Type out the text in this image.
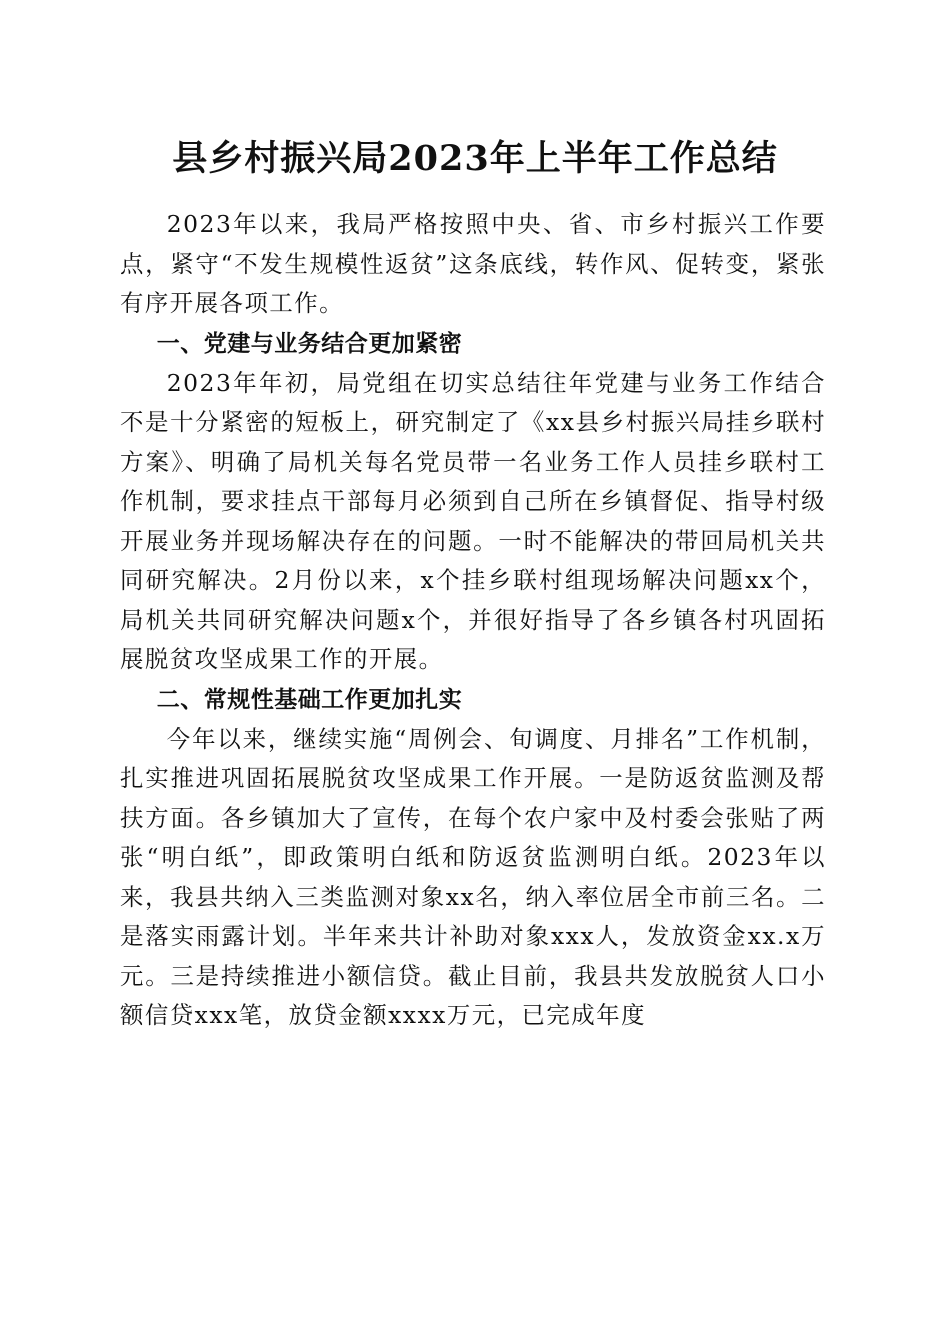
县乡村振兴局2023年上半年工作总结

2023年以来，我局严格按照中央、省、市乡村振兴工作要点，紧守“不发生规模性返贫”这条底线，转作风、促转变，紧张有序开展各项工作。

一、党建与业务结合更加紧密

2023年年初，局党组在切实总结往年党建与业务工作结合不是十分紧密的短板上，研究制定了《xx县乡村振兴局挂乡联村方案》、明确了局机关每名党员带一名业务工作人员挂乡联村工作机制，要求挂点干部每月必须到自己所在乡镇督促、指导村级开展业务并现场解决存在的问题。一时不能解决的带回局机关共同研究解决。2月份以来，x个挂乡联村组现场解决问题xx个，局机关共同研究解决问题x个，并很好指导了各乡镇各村巩固拓展脱贫攻坚成果工作的开展。

二、常规性基础工作更加扎实

今年以来，继续实施“周例会、旬调度、月排名”工作机制，扎实推进巩固拓展脱贫攻坚成果工作开展。一是防返贫监测及帮扶方面。各乡镇加大了宣传，在每个农户家中及村委会张贴了两张“明白纸”，即政策明白纸和防返贫监测明白纸。2023年以来，我县共纳入三类监测对象xx名，纳入率位居全市前三名。二是落实雨露计划。半年来共计补助对象xxx人，发放资金xx.x万元。三是持续推进小额信贷。截止目前，我县共发放脱贫人口小额信贷xxx笔，放贷金额xxxx万元，已完成年度
